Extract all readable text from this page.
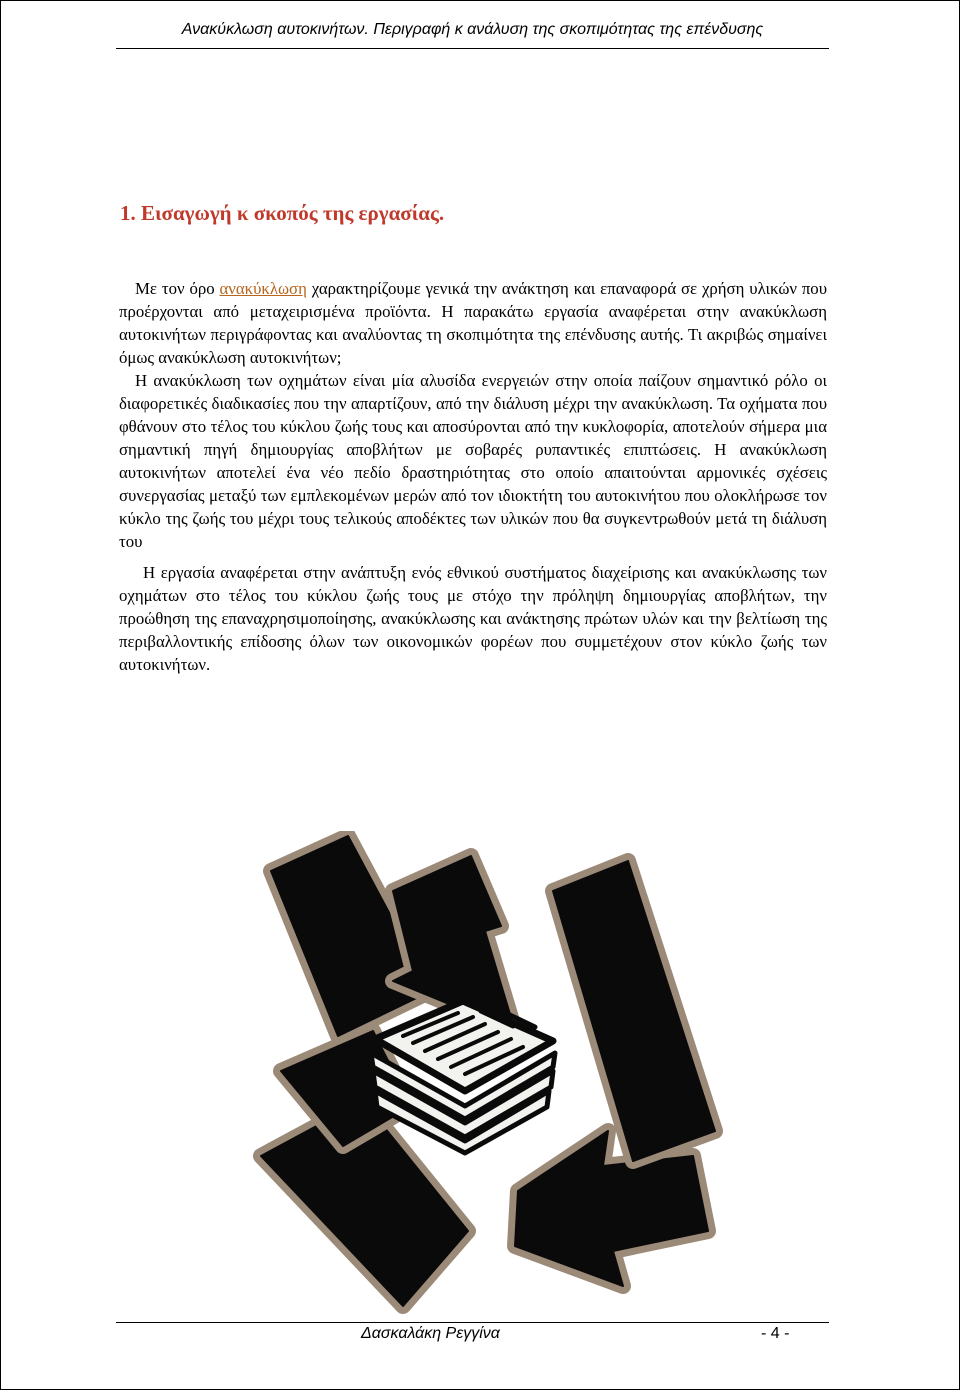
Ανακύκλωση αυτοκινήτων. Περιγραφή κ ανάλυση της σκοπιμότητας της επένδυσης
1. Εισαγωγή κ σκοπός της εργασίας.

Με τον όρο ανακύκλωση χαρακτηρίζουμε γενικά την ανάκτηση και επαναφορά σε χρήση υλικών που προέρχονται από μεταχειρισμένα προϊόντα. Η παρακάτω εργασία αναφέρεται στην ανακύκλωση αυτοκινήτων περιγράφοντας και αναλύοντας τη σκοπιμότητα της επένδυσης αυτής. Τι ακριβώς σημαίνει όμως ανακύκλωση αυτοκινήτων;

Η ανακύκλωση των οχημάτων είναι μία αλυσίδα ενεργειών στην οποία παίζουν σημαντικό ρόλο οι διαφορετικές διαδικασίες που την απαρτίζουν, από την διάλυση μέχρι την ανακύκλωση. Τα οχήματα που φθάνουν στο τέλος του κύκλου ζωής τους και αποσύρονται από την κυκλοφορία, αποτελούν σήμερα μια σημαντική πηγή δημιουργίας αποβλήτων με σοβαρές ρυπαντικές επιπτώσεις. Η ανακύκλωση αυτοκινήτων αποτελεί ένα νέο πεδίο δραστηριότητας στο οποίο απαιτούνται αρμονικές σχέσεις συνεργασίας μεταξύ των εμπλεκομένων μερών από τον ιδιοκτήτη του αυτοκινήτου που ολοκλήρωσε τον κύκλο της ζωής του μέχρι τους τελικούς αποδέκτες των υλικών που θα συγκεντρωθούν μετά τη διάλυση του

Η εργασία αναφέρεται στην ανάπτυξη ενός εθνικού συστήματος διαχείρισης και ανακύκλωσης των οχημάτων στο τέλος του κύκλου ζωής τους με στόχο την πρόληψη δημιουργίας αποβλήτων, την προώθηση της επαναχρησιμοποίησης, ανακύκλωσης και ανάκτησης πρώτων υλών και την βελτίωση της περιβαλλοντικής επίδοσης όλων των οικονομικών φορέων που συμμετέχουν στον κύκλο ζωής των αυτοκινήτων.

Δασκαλάκη Ρεγγίνα	- 4 -
